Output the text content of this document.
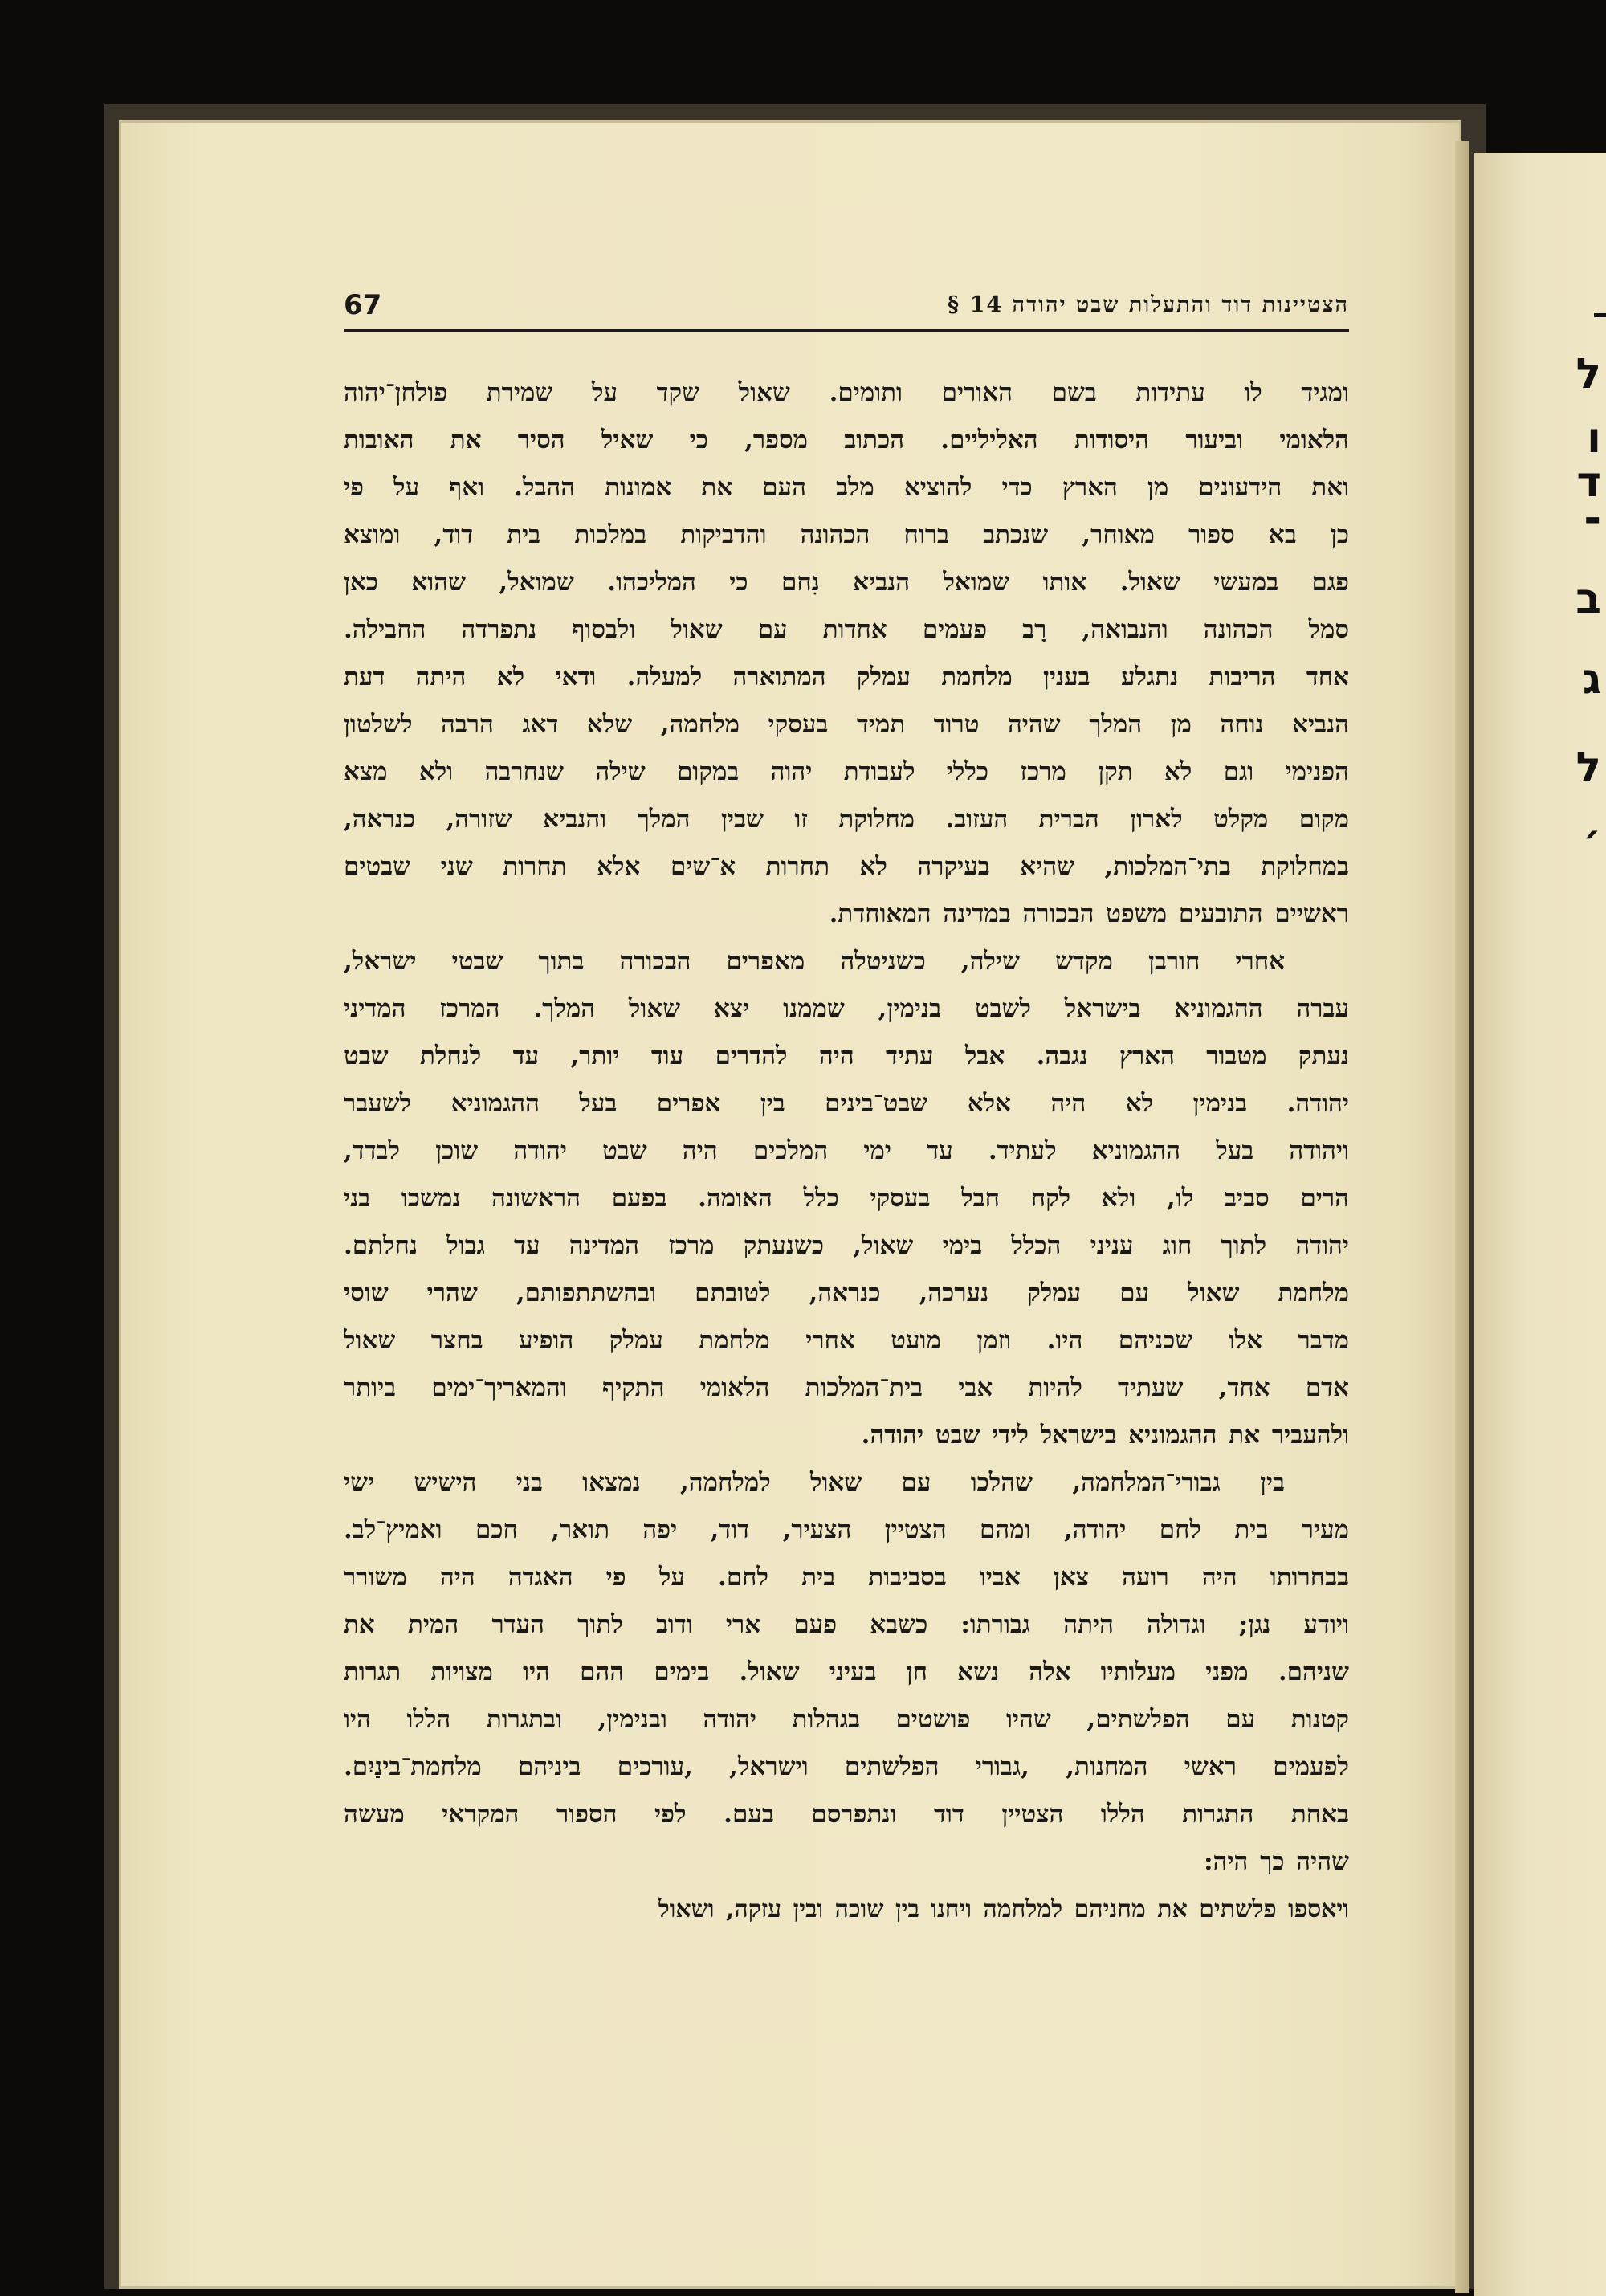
ל
ו
ד
־
ב
ג
ל
׳
67	הצטיינות דוד והתעלות שבט יהודה 14 §
ומגיד לו עתידות בשם האורים ותומים. שאול שקד על שמירת פולחן־יהוה
הלאומי וביעור היסודות האליליים. הכתוב מספר, כי שאיל הסיר את האובות
ואת הידעונים מן הארץ כדי להוציא מלב העם את אמונות ההבל. ואף על פי
כן בא ספור מאוחר, שנכתב ברוח הכהונה והדביקות במלכות בית דוד, ומוצא
פגם במעשי שאול. אותו שמואל הנביא נִחם כי המליכהו. שמואל, שהוא כאן
סמל הכהונה והנבואה, רָב פעמים אחדות עם שאול ולבסוף נתפרדה החבילה.
אחד הריבות נתגלע בענין מלחמת עמלק המתוארה למעלה. ודאי לא היתה דעת
הנביא נוחה מן המלך שהיה טרוד תמיד בעסקי מלחמה, שלא דאג הרבה לשלטון
הפנימי וגם לא תקן מרכז כללי לעבודת יהוה במקום שילה שנחרבה ולא מצא
מקום מקלט לארון הברית העזוב. מחלוקת זו שבין המלך והנביא שזורה, כנראה,
במחלוקת בתי־המלכות, שהיא בעיקרה לא תחרות א־שים אלא תחרות שני שבטים
ראשיים התובעים משפט הבכורה במדינה המאוחדת.
אחרי חורבן מקדש שילה, כשניטלה מאפרים הבכורה בתוך שבטי ישראל,
עברה ההגמוניא בישראל לשבט בנימין, שממנו יצא שאול המלך. המרכז המדיני
נעתק מטבור הארץ נגבה. אבל עתיד היה להדרים עוד יותר, עד לנחלת שבט
יהודה. בנימין לא היה אלא שבט־בינים בין אפרים בעל ההגמוניא לשעבר
ויהודה בעל ההגמוניא לעתיד. עד ימי המלכים היה שבט יהודה שוכן לבדד,
הרים סביב לו, ולא לקח חבל בעסקי כלל האומה. בפעם הראשונה נמשכו בני
יהודה לתוך חוג עניני הכלל בימי שאול, כשנעתק מרכז המדינה עד גבול נחלתם.
מלחמת שאול עם עמלק נערכה, כנראה, לטובתם ובהשתתפותם, שהרי שוסי
מדבר אלו שכניהם היו. וזמן מועט אחרי מלחמת עמלק הופיע בחצר שאול
אדם אחד, שעתיד להיות אבי בית־המלכות הלאומי התקיף והמאריך־ימים ביותר
ולהעביר את ההגמוניא בישראל לידי שבט יהודה.
בין גבורי־המלחמה, שהלכו עם שאול למלחמה, נמצאו בני הישיש ישי
מעיר בית לחם יהודה, ומהם הצטיין הצעיר, דוד, יפה תואר, חכם ואמיץ־לב.
בבחרותו היה רועה צאן אביו בסביבות בית לחם. על פי האגדה היה משורר
ויודע נגן; וגדולה היתה גבורתו: כשבא פעם ארי ודוב לתוך העדר המית את
שניהם. מפני מעלותיו אלה נשא חן בעיני שאול. בימים ההם היו מצויות תגרות
קטנות עם הפלשתים, שהיו פושטים בגהלות יהודה ובנימין, ובתגרות הללו היו
לפעמים ראשי המחנות, ,גבורי הפלשתים וישראל, ,עורכים ביניהם מלחמת־בינַיִם.
באחת התגרות הללו הצטיין דוד ונתפרסם בעם. לפי הספור המקראי מעשה
שהיה כך היה:
ויאספו פלשתים את מחניהם למלחמה ויחנו בין שוכה ובין עזקה, ושאול
